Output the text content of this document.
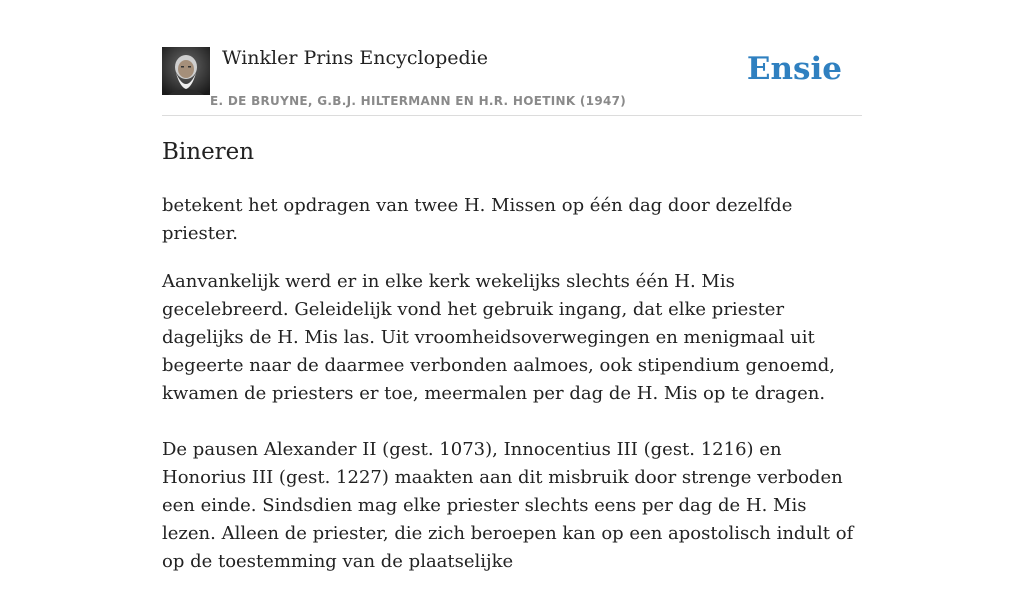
Winkler Prins Encyclopedie
E. DE BRUYNE, G.B.J. HILTERMANN EN H.R. HOETINK (1947)
Ensie
Bineren

betekent het opdragen van twee H. Missen op één dag door dezelfde priester.

Aanvankelijk werd er in elke kerk wekelijks slechts één H. Mis gecelebreerd. Geleidelijk vond het gebruik ingang, dat elke priester dagelijks de H. Mis las. Uit vroomheidsoverwegingen en menigmaal uit begeerte naar de daarmee verbonden aalmoes, ook stipendium genoemd, kwamen de priesters er toe, meermalen per dag de H. Mis op te dragen.

De pausen Alexander II (gest. 1073), Innocentius III (gest. 1216) en Honorius III (gest. 1227) maakten aan dit misbruik door strenge verboden een einde. Sindsdien mag elke priester slechts eens per dag de H. Mis lezen. Alleen de priester, die zich beroepen kan op een apostolisch indult of op de toestemming van de plaatselijke
